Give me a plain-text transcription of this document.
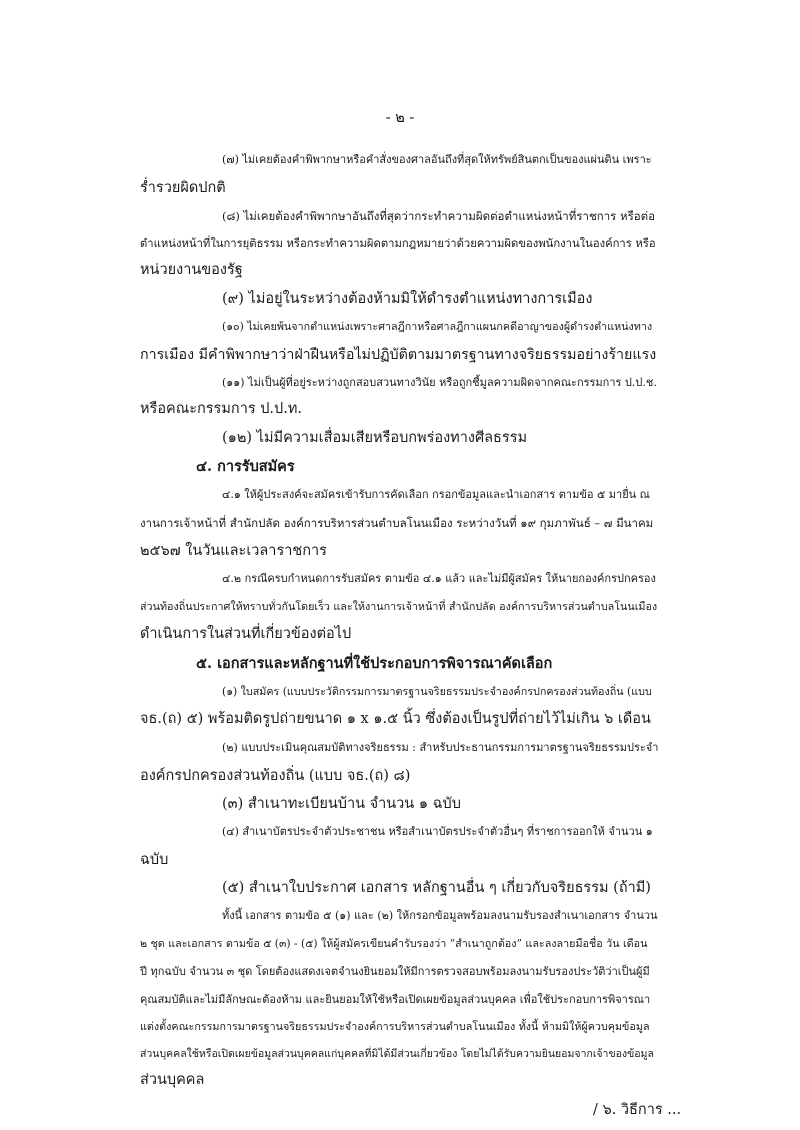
- ๒ -
(๗) ไม่เคยต้องคำพิพากษาหรือคำสั่งของศาลอันถึงที่สุดให้ทรัพย์สินตกเป็นของแผ่นดิน เพราะ
ร่ำรวยผิดปกติ
(๘) ไม่เคยต้องคำพิพากษาอันถึงที่สุดว่ากระทำความผิดต่อตำแหน่งหน้าที่ราชการ หรือต่อ
ตำแหน่งหน้าที่ในการยุติธรรม หรือกระทำความผิดตามกฎหมายว่าด้วยความผิดของพนักงานในองค์การ หรือ
หน่วยงานของรัฐ
(๙) ไม่อยู่ในระหว่างต้องห้ามมิให้ดำรงตำแหน่งทางการเมือง
(๑๐) ไม่เคยพ้นจากตำแหน่งเพราะศาลฎีกาหรือศาลฎีกาแผนกคดีอาญาของผู้ดำรงตำแหน่งทาง
การเมือง มีคำพิพากษาว่าฝ่าฝืนหรือไม่ปฏิบัติตามมาตรฐานทางจริยธรรมอย่างร้ายแรง
(๑๑) ไม่เป็นผู้ที่อยู่ระหว่างถูกสอบสวนทางวินัย หรือถูกชี้มูลความผิดจากคณะกรรมการ ป.ป.ช.
หรือคณะกรรมการ ป.ป.ท.
(๑๒) ไม่มีความเสื่อมเสียหรือบกพร่องทางศีลธรรม
๔. การรับสมัคร
๔.๑ ให้ผู้ประสงค์จะสมัครเข้ารับการคัดเลือก กรอกข้อมูลและนำเอกสาร ตามข้อ ๕ มายื่น ณ
งานการเจ้าหน้าที่ สำนักปลัด องค์การบริหารส่วนตำบลโนนเมือง ระหว่างวันที่ ๑๙ กุมภาพันธ์ – ๗ มีนาคม
๒๕๖๗ ในวันและเวลาราชการ
๔.๒ กรณีครบกำหนดการรับสมัคร ตามข้อ ๔.๑ แล้ว และไม่มีผู้สมัคร ให้นายกองค์กรปกครอง
ส่วนท้องถิ่นประกาศให้ทราบทั่วกันโดยเร็ว และให้งานการเจ้าหน้าที่ สำนักปลัด องค์การบริหารส่วนตำบลโนนเมือง
ดำเนินการในส่วนที่เกี่ยวข้องต่อไป
๕. เอกสารและหลักฐานที่ใช้ประกอบการพิจารณาคัดเลือก
(๑) ใบสมัคร (แบบประวัติกรรมการมาตรฐานจริยธรรมประจำองค์กรปกครองส่วนท้องถิ่น (แบบ
จธ.(ถ) ๕) พร้อมติดรูปถ่ายขนาด ๑ x ๑.๕ นิ้ว ซึ่งต้องเป็นรูปที่ถ่ายไว้ไม่เกิน ๖ เดือน
(๒) แบบประเมินคุณสมบัติทางจริยธรรม : สำหรับประธานกรรมการมาตรฐานจริยธรรมประจำ
องค์กรปกครองส่วนท้องถิ่น (แบบ จธ.(ถ) ๘)
(๓) สำเนาทะเบียนบ้าน จำนวน ๑ ฉบับ
(๔) สำเนาบัตรประจำตัวประชาชน หรือสำเนาบัตรประจำตัวอื่นๆ ที่ราชการออกให้ จำนวน ๑
ฉบับ
(๕) สำเนาใบประกาศ เอกสาร หลักฐานอื่น ๆ เกี่ยวกับจริยธรรม (ถ้ามี)
ทั้งนี้ เอกสาร ตามข้อ ๕ (๑) และ (๒) ให้กรอกข้อมูลพร้อมลงนามรับรองสำเนาเอกสาร จำนวน
๒ ชุด และเอกสาร ตามข้อ ๕ (๓) - (๕) ให้ผู้สมัครเขียนคำรับรองว่า “สำเนาถูกต้อง” และลงลายมือชื่อ วัน เดือน
ปี ทุกฉบับ จำนวน ๓ ชุด โดยต้องแสดงเจตจำนงยินยอมให้มีการตรวจสอบพร้อมลงนามรับรองประวัติว่าเป็นผู้มี
คุณสมบัติและไม่มีลักษณะต้องห้าม และยินยอมให้ใช้หรือเปิดเผยข้อมูลส่วนบุคคล เพื่อใช้ประกอบการพิจารณา
แต่งตั้งคณะกรรมการมาตรฐานจริยธรรมประจำองค์การบริหารส่วนตำบลโนนเมือง ทั้งนี้ ห้ามมิให้ผู้ควบคุมข้อมูล
ส่วนบุคคลใช้หรือเปิดเผยข้อมูลส่วนบุคคลแก่บุคคลที่มิได้มีส่วนเกี่ยวข้อง โดยไม่ได้รับความยินยอมจากเจ้าของข้อมูล
ส่วนบุคคล
/ ๖. วิธีการ ...
